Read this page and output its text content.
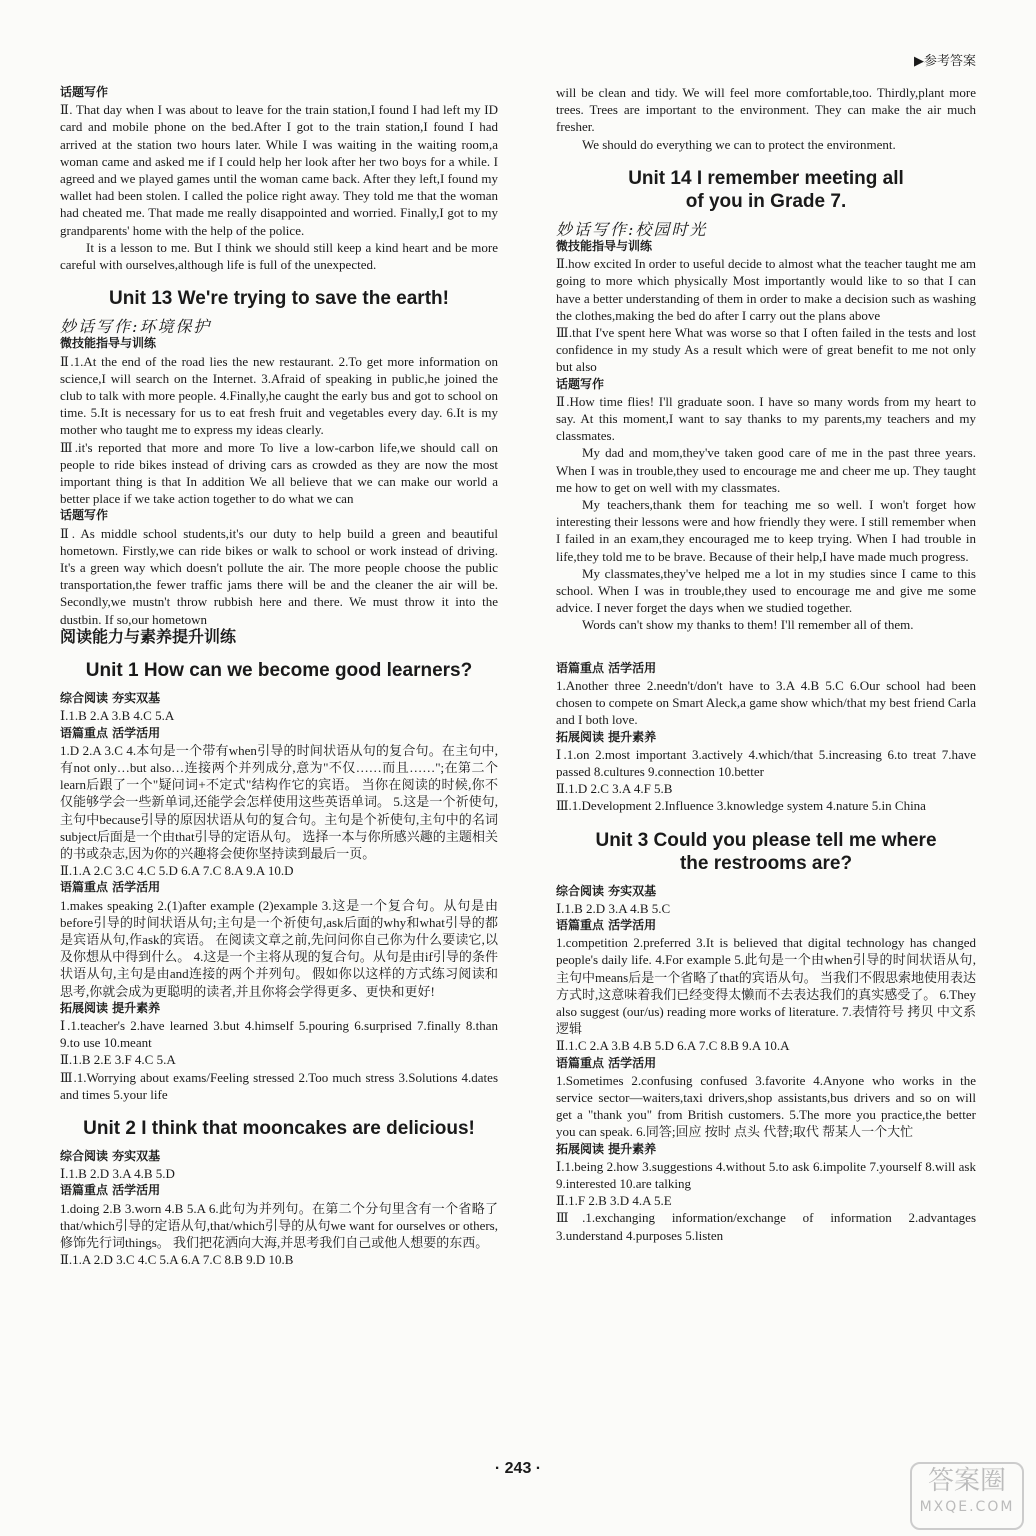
▶参考答案

话题写作

Ⅱ. That day when I was about to leave for the train station,I found I had left my ID card and mobile phone on the bed.After I got to the train station,I found I had arrived at the station two hours later. While I was waiting in the waiting room,a woman came and asked me if I could help her look after her two boys for a while. I agreed and we played games until the woman came back. After they left,I found my wallet had been stolen. I called the police right away. They told me that the woman had cheated me. That made me really disappointed and worried. Finally,I got to my grandparents' home with the help of the police.

It is a lesson to me. But I think we should still keep a kind heart and be more careful with ourselves,although life is full of the unexpected.

Unit 13 We're trying to save the earth!

妙话写作:环境保护

微技能指导与训练

Ⅱ.1.At the end of the road lies the new restaurant. 2.To get more information on science,I will search on the Internet. 3.Afraid of speaking in public,he joined the club to talk with more people. 4.Finally,he caught the early bus and got to school on time. 5.It is necessary for us to eat fresh fruit and vegetables every day. 6.It is my mother who taught me to express my ideas clearly.

Ⅲ.it's reported that more and more To live a low-carbon life,we should call on people to ride bikes instead of driving cars as crowded as they are now the most important thing is that In addition We all believe that we can make our world a better place if we take action together to do what we can

话题写作

Ⅱ. As middle school students,it's our duty to help build a green and beautiful hometown. Firstly,we can ride bikes or walk to school or work instead of driving. It's a green way which doesn't pollute the air. The more people choose the public transportation,the fewer traffic jams there will be and the cleaner the air will be. Secondly,we mustn't throw rubbish here and there. We must throw it into the dustbin. If so,our hometown

阅读能力与素养提升训练

Unit 1 How can we become good learners?

综合阅读 夯实双基

Ⅰ.1.B 2.A 3.B 4.C 5.A

语篇重点 活学活用

1.D 2.A 3.C 4.本句是一个带有when引导的时间状语从句的复合句。在主句中,有not only…but also…连接两个并列成分,意为"不仅……而且……";在第二个learn后跟了一个"疑问词+不定式"结构作它的宾语。 当你在阅读的时候,你不仅能够学会一些新单词,还能学会怎样使用这些英语单词。 5.这是一个祈使句,主句中because引导的原因状语从句的复合句。主句是个祈使句,主句中的名词subject后面是一个由that引导的定语从句。 选择一本与你所感兴趣的主题相关的书或杂志,因为你的兴趣将会使你坚持读到最后一页。

Ⅱ.1.A 2.C 3.C 4.C 5.D 6.A 7.C 8.A 9.A 10.D

语篇重点 活学活用

1.makes speaking 2.(1)after example (2)example 3.这是一个复合句。从句是由before引导的时间状语从句;主句是一个祈使句,ask后面的why和what引导的都是宾语从句,作ask的宾语。 在阅读文章之前,先问问你自己你为什么要读它,以及你想从中得到什么。 4.这是一个主将从现的复合句。从句是由if引导的条件状语从句,主句是由and连接的两个并列句。 假如你以这样的方式练习阅读和思考,你就会成为更聪明的读者,并且你将会学得更多、更快和更好!

拓展阅读 提升素养

Ⅰ.1.teacher's 2.have learned 3.but 4.himself 5.pouring 6.surprised 7.finally 8.than 9.to use 10.meant

Ⅱ.1.B 2.E 3.F 4.C 5.A

Ⅲ.1.Worrying about exams/Feeling stressed 2.Too much stress 3.Solutions 4.dates and times 5.your life

Unit 2 I think that mooncakes are delicious!

综合阅读 夯实双基

Ⅰ.1.B 2.D 3.A 4.B 5.D

语篇重点 活学活用

1.doing 2.B 3.worn 4.B 5.A 6.此句为并列句。在第二个分句里含有一个省略了that/which引导的定语从句,that/which引导的从句we want for ourselves or others,修饰先行词things。 我们把花洒向大海,并思考我们自己或他人想要的东西。

Ⅱ.1.A 2.D 3.C 4.C 5.A 6.A 7.C 8.B 9.D 10.B

will be clean and tidy. We will feel more comfortable,too. Thirdly,plant more trees. Trees are important to the environment. They can make the air much fresher.

We should do everything we can to protect the environment.

Unit 14 I remember meeting all
of you in Grade 7.

妙话写作:校园时光

微技能指导与训练

Ⅱ.how excited In order to useful decide to almost what the teacher taught me am going to more which physically Most importantly would like to so that I can have a better understanding of them in order to make a decision such as washing the clothes,making the bed do after I carry out the plans above

Ⅲ.that I've spent here What was worse so that I often failed in the tests and lost confidence in my study As a result which were of great benefit to me not only but also

话题写作

Ⅱ.How time flies! I'll graduate soon. I have so many words from my heart to say. At this moment,I want to say thanks to my parents,my teachers and my classmates.

My dad and mom,they've taken good care of me in the past three years. When I was in trouble,they used to encourage me and cheer me up. They taught me how to get on well with my classmates.

My teachers,thank them for teaching me so well. I won't forget how interesting their lessons were and how friendly they were. I still remember when I failed in an exam,they encouraged me to keep trying. When I had trouble in life,they told me to be brave. Because of their help,I have made much progress.

My classmates,they've helped me a lot in my studies since I came to this school. When I was in trouble,they used to encourage me and give me some advice. I never forget the days when we studied together.

Words can't show my thanks to them! I'll remember all of them.

语篇重点 活学活用

1.Another three 2.needn't/don't have to 3.A 4.B 5.C 6.Our school had been chosen to compete on Smart Aleck,a game show which/that my best friend Carla and I both love.

拓展阅读 提升素养

Ⅰ.1.on 2.most important 3.actively 4.which/that 5.increasing 6.to treat 7.have passed 8.cultures 9.connection 10.better

Ⅱ.1.D 2.C 3.A 4.F 5.B

Ⅲ.1.Development 2.Influence 3.knowledge system 4.nature 5.in China

Unit 3 Could you please tell me where
the restrooms are?

综合阅读 夯实双基

Ⅰ.1.B 2.D 3.A 4.B 5.C

语篇重点 活学活用

1.competition 2.preferred 3.It is believed that digital technology has changed people's daily life. 4.For example 5.此句是一个由when引导的时间状语从句,主句中means后是一个省略了that的宾语从句。 当我们不假思索地使用表达方式时,这意味着我们已经变得太懒而不去表达我们的真实感受了。 6.They also suggest (our/us) reading more works of literature. 7.表情符号 拷贝 中文系 逻辑

Ⅱ.1.C 2.A 3.B 4.B 5.D 6.A 7.C 8.B 9.A 10.A

语篇重点 活学活用

1.Sometimes 2.confusing confused 3.favorite 4.Anyone who works in the service sector—waiters,taxi drivers,shop assistants,bus drivers and so on will get a "thank you" from British customers. 5.The more you practice,the better you can speak. 6.同答;回应 按时 点头 代替;取代 帮某人一个大忙

拓展阅读 提升素养

Ⅰ.1.being 2.how 3.suggestions 4.without 5.to ask 6.impolite 7.yourself 8.will ask 9.interested 10.are talking

Ⅱ.1.F 2.B 3.D 4.A 5.E

Ⅲ.1.exchanging information/exchange of information 2.advantages 3.understand 4.purposes 5.listen

· 243 ·	答案圈
MXQE.COM
